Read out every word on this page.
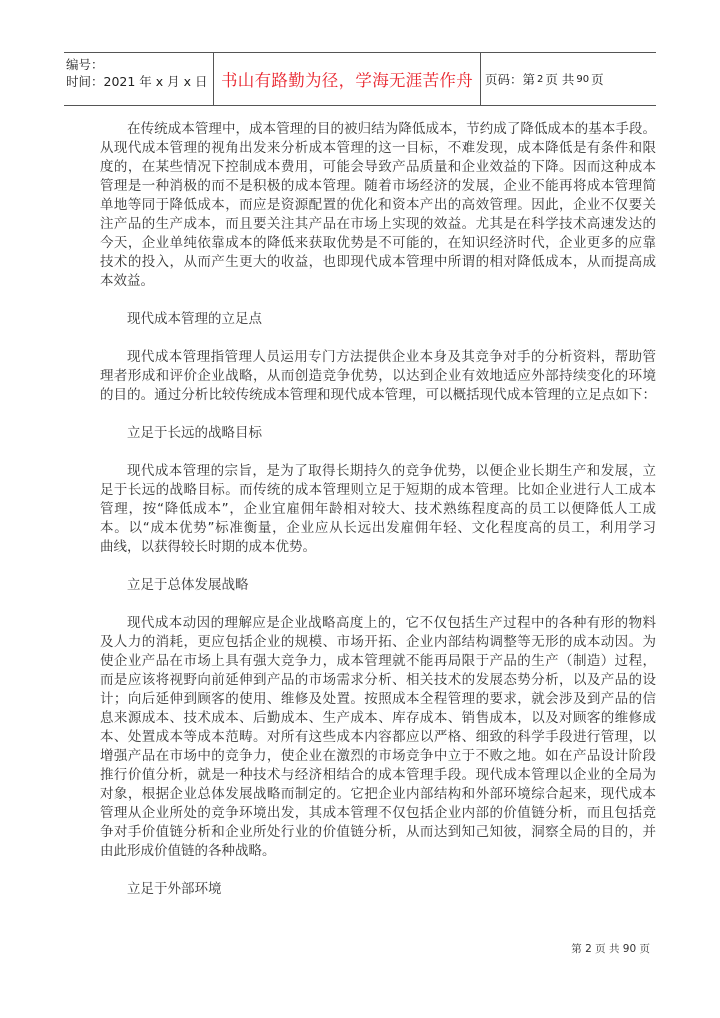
编号：
时间：2021 年 x 月 x 日 书山有路勤为径，学海无涯苦作舟 页码：第 2 页 共 90 页
在传统成本管理中，成本管理的目的被归结为降低成本，节约成了降低成本的基本手段。
从现代成本管理的视角出发来分析成本管理的这一目标，不难发现，成本降低是有条件和限
度的，在某些情况下控制成本费用，可能会导致产品质量和企业效益的下降。因而这种成本
管理是一种消极的而不是积极的成本管理。随着市场经济的发展，企业不能再将成本管理简
单地等同于降低成本，而应是资源配置的优化和资本产出的高效管理。因此，企业不仅要关
注产品的生产成本，而且要关注其产品在市场上实现的效益。尤其是在科学技术高速发达的
今天，企业单纯依靠成本的降低来获取优势是不可能的，在知识经济时代，企业更多的应靠
技术的投入，从而产生更大的收益，也即现代成本管理中所谓的相对降低成本，从而提高成
本效益。
现代成本管理的立足点
现代成本管理指管理人员运用专门方法提供企业本身及其竞争对手的分析资料，帮助管
理者形成和评价企业战略，从而创造竞争优势，以达到企业有效地适应外部持续变化的环境
的目的。通过分析比较传统成本管理和现代成本管理，可以概括现代成本管理的立足点如下：
立足于长远的战略目标
现代成本管理的宗旨，是为了取得长期持久的竞争优势，以便企业长期生产和发展，立
足于长远的战略目标。而传统的成本管理则立足于短期的成本管理。比如企业进行人工成本
管理，按“降低成本”，企业宜雇佣年龄相对较大、技术熟练程度高的员工以便降低人工成
本。以“成本优势”标准衡量，企业应从长远出发雇佣年轻、文化程度高的员工，利用学习
曲线，以获得较长时期的成本优势。
立足于总体发展战略
现代成本动因的理解应是企业战略高度上的，它不仅包括生产过程中的各种有形的物料
及人力的消耗，更应包括企业的规模、市场开拓、企业内部结构调整等无形的成本动因。为
使企业产品在市场上具有强大竞争力，成本管理就不能再局限于产品的生产（制造）过程，
而是应该将视野向前延伸到产品的市场需求分析、相关技术的发展态势分析，以及产品的设
计；向后延伸到顾客的使用、维修及处置。按照成本全程管理的要求，就会涉及到产品的信
息来源成本、技术成本、后勤成本、生产成本、库存成本、销售成本，以及对顾客的维修成
本、处置成本等成本范畴。对所有这些成本内容都应以严格、细致的科学手段进行管理，以
增强产品在市场中的竞争力，使企业在激烈的市场竞争中立于不败之地。如在产品设计阶段
推行价值分析，就是一种技术与经济相结合的成本管理手段。现代成本管理以企业的全局为
对象，根据企业总体发展战略而制定的。它把企业内部结构和外部环境综合起来，现代成本
管理从企业所处的竞争环境出发，其成本管理不仅包括企业内部的价值链分析，而且包括竞
争对手价值链分析和企业所处行业的价值链分析，从而达到知己知彼，洞察全局的目的，并
由此形成价值链的各种战略。
立足于外部环境
第 2 页 共 90 页
